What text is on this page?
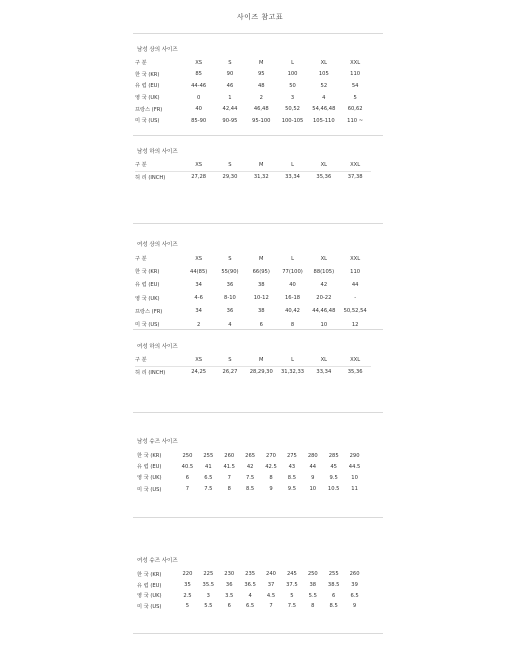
사이즈 참고표
남성 상의 사이즈
구 분	XS	S	M	L	XL	XXL
한 국 (KR)	85	90	95	100	105	110
유 럽 (EU)	44-46	46	48	50	52	54
영 국 (UK)	0	1	2	3	4	5
프랑스 (FR)	40	42,44	46,48	50,52	54,46,48	60,62
미 국 (US)	85-90	90-95	95-100	100-105	105-110	110 ~
남성 하의 사이즈
구 분	XS	S	M	L	XL	XXL
허 리 (INCH)	27,28	29,30	31,32	33,34	35,36	37,38
여성 상의 사이즈
구 분	XS	S	M	L	XL	XXL
한 국 (KR)	44(85)	55(90)	66(95)	77(100)	88(105)	110
유 럽 (EU)	34	36	38	40	42	44
영 국 (UK)	4-6	8-10	10-12	16-18	20-22	-
프랑스 (FR)	34	36	38	40,42	44,46,48	50,52,54
미 국 (US)	2	4	6	8	10	12
여성 하의 사이즈
구 분	XS	S	M	L	XL	XXL
허 리 (INCH)	24,25	26,27	28,29,30	31,32,33	33,34	35,36
남성 슈즈 사이즈
한 국 (KR)	250	255	260	265	270	275	280	285	290
유 럽 (EU)	40.5	41	41.5	42	42.5	43	44	45	44.5
영 국 (UK)	6	6.5	7	7.5	8	8.5	9	9.5	10
미 국 (US)	7	7.5	8	8.5	9	9.5	10	10.5	11
여성 슈즈 사이즈
한 국 (KR)	220	225	230	235	240	245	250	255	260
유 럽 (EU)	35	35.5	36	36.5	37	37.5	38	38.5	39
영 국 (UK)	2.5	3	3.5	4	4.5	5	5.5	6	6.5
미 국 (US)	5	5.5	6	6.5	7	7.5	8	8.5	9
